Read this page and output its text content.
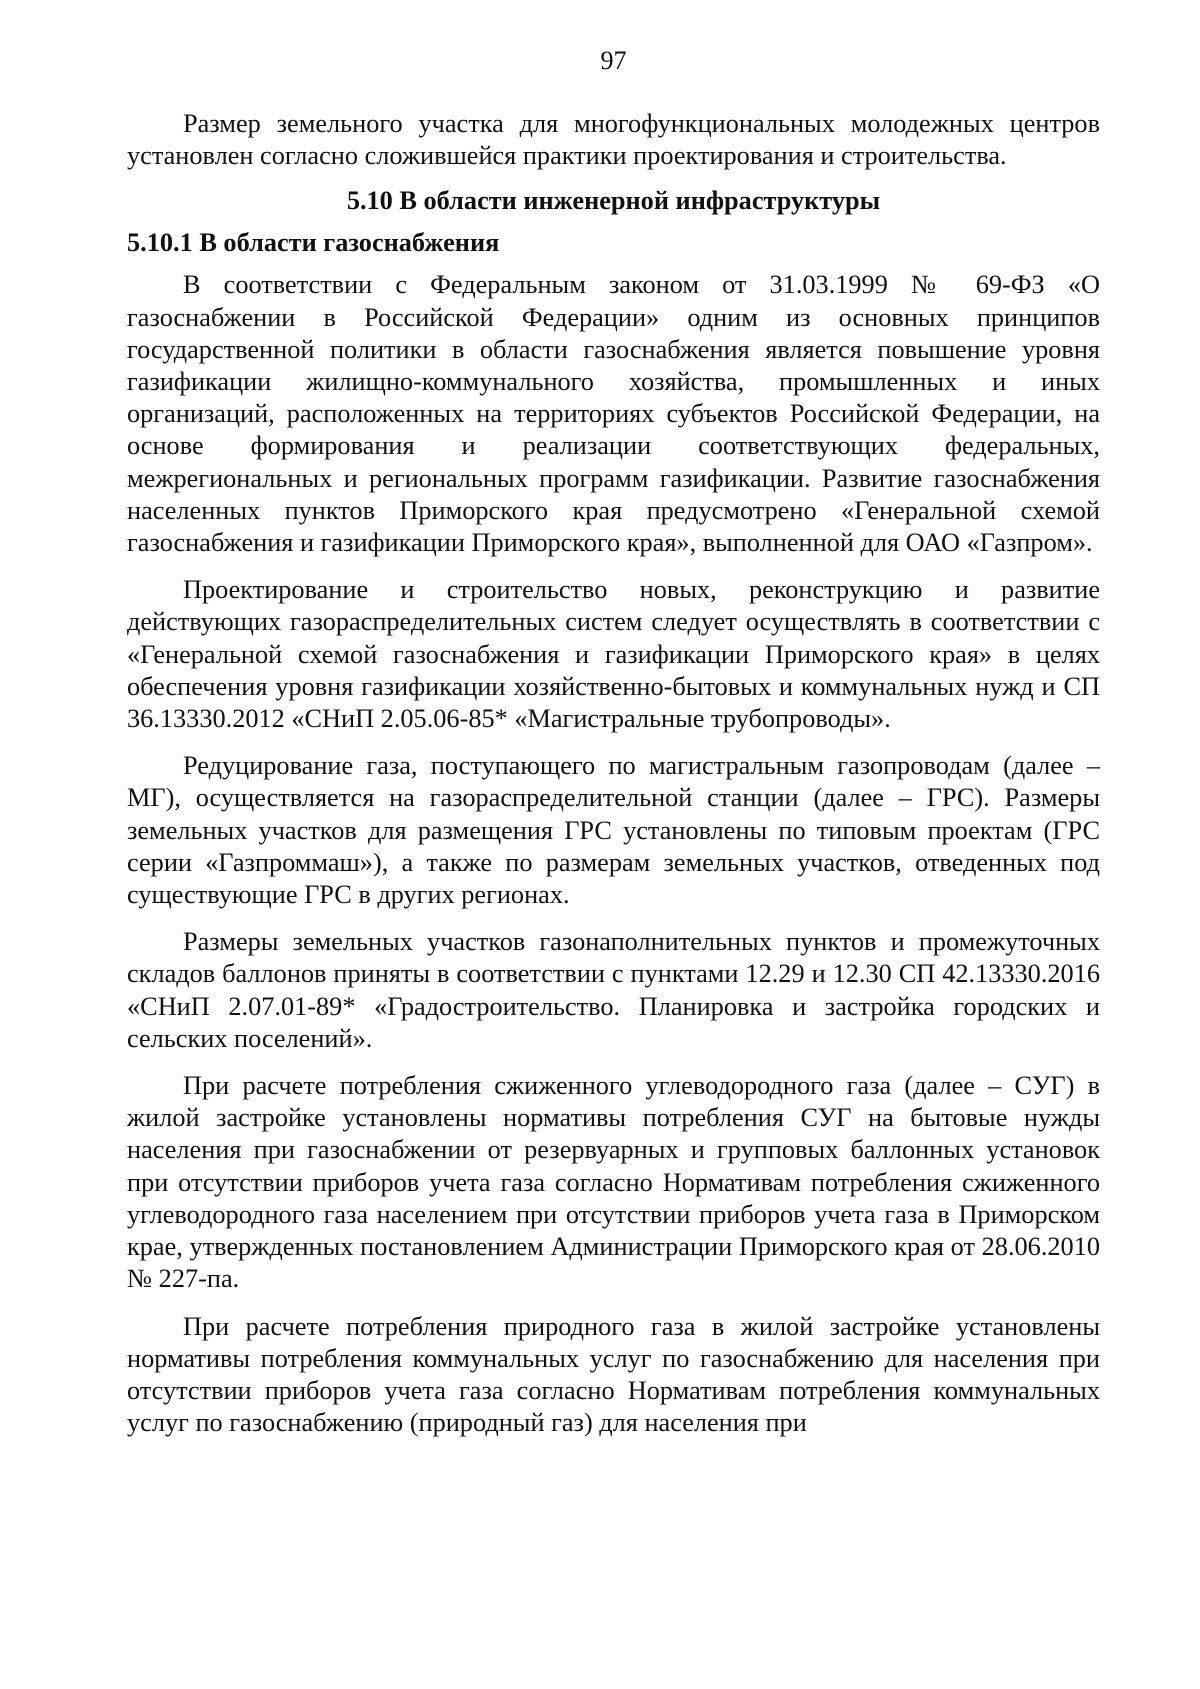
97

Размер земельного участка для многофункциональных молодежных центров установлен согласно сложившейся практики проектирования и строительства.

5.10 В области инженерной инфраструктуры
5.10.1 В области газоснабжения

В соответствии с Федеральным законом от 31.03.1999 № 69-ФЗ «О газоснабжении в Российской Федерации» одним из основных принципов государственной политики в области газоснабжения является повышение уровня газификации жилищно-коммунального хозяйства, промышленных и иных организаций, расположенных на территориях субъектов Российской Федерации, на основе формирования и реализации соответствующих федеральных, межрегиональных и региональных программ газификации. Развитие газоснабжения населенных пунктов Приморского края предусмотрено «Генеральной схемой газоснабжения и газификации Приморского края», выполненной для ОАО «Газпром».

Проектирование и строительство новых, реконструкцию и развитие действующих газораспределительных систем следует осуществлять в соответствии с «Генеральной схемой газоснабжения и газификации Приморского края» в целях обеспечения уровня газификации хозяйственно-бытовых и коммунальных нужд и СП 36.13330.2012 «СНиП 2.05.06-85* «Магистральные трубопроводы».

Редуцирование газа, поступающего по магистральным газопроводам (далее – МГ), осуществляется на газораспределительной станции (далее – ГРС). Размеры земельных участков для размещения ГРС установлены по типовым проектам (ГРС серии «Газпроммаш»), а также по размерам земельных участков, отведенных под существующие ГРС в других регионах.

Размеры земельных участков газонаполнительных пунктов и промежуточных складов баллонов приняты в соответствии с пунктами 12.29 и 12.30 СП 42.13330.2016 «СНиП 2.07.01-89* «Градостроительство. Планировка и застройка городских и сельских поселений».

При расчете потребления сжиженного углеводородного газа (далее – СУГ) в жилой застройке установлены нормативы потребления СУГ на бытовые нужды населения при газоснабжении от резервуарных и групповых баллонных установок при отсутствии приборов учета газа согласно Нормативам потребления сжиженного углеводородного газа населением при отсутствии приборов учета газа в Приморском крае, утвержденных постановлением Администрации Приморского края от 28.06.2010 № 227-па.

При расчете потребления природного газа в жилой застройке установлены нормативы потребления коммунальных услуг по газоснабжению для населения при отсутствии приборов учета газа согласно Нормативам потребления коммунальных услуг по газоснабжению (природный газ) для населения при
